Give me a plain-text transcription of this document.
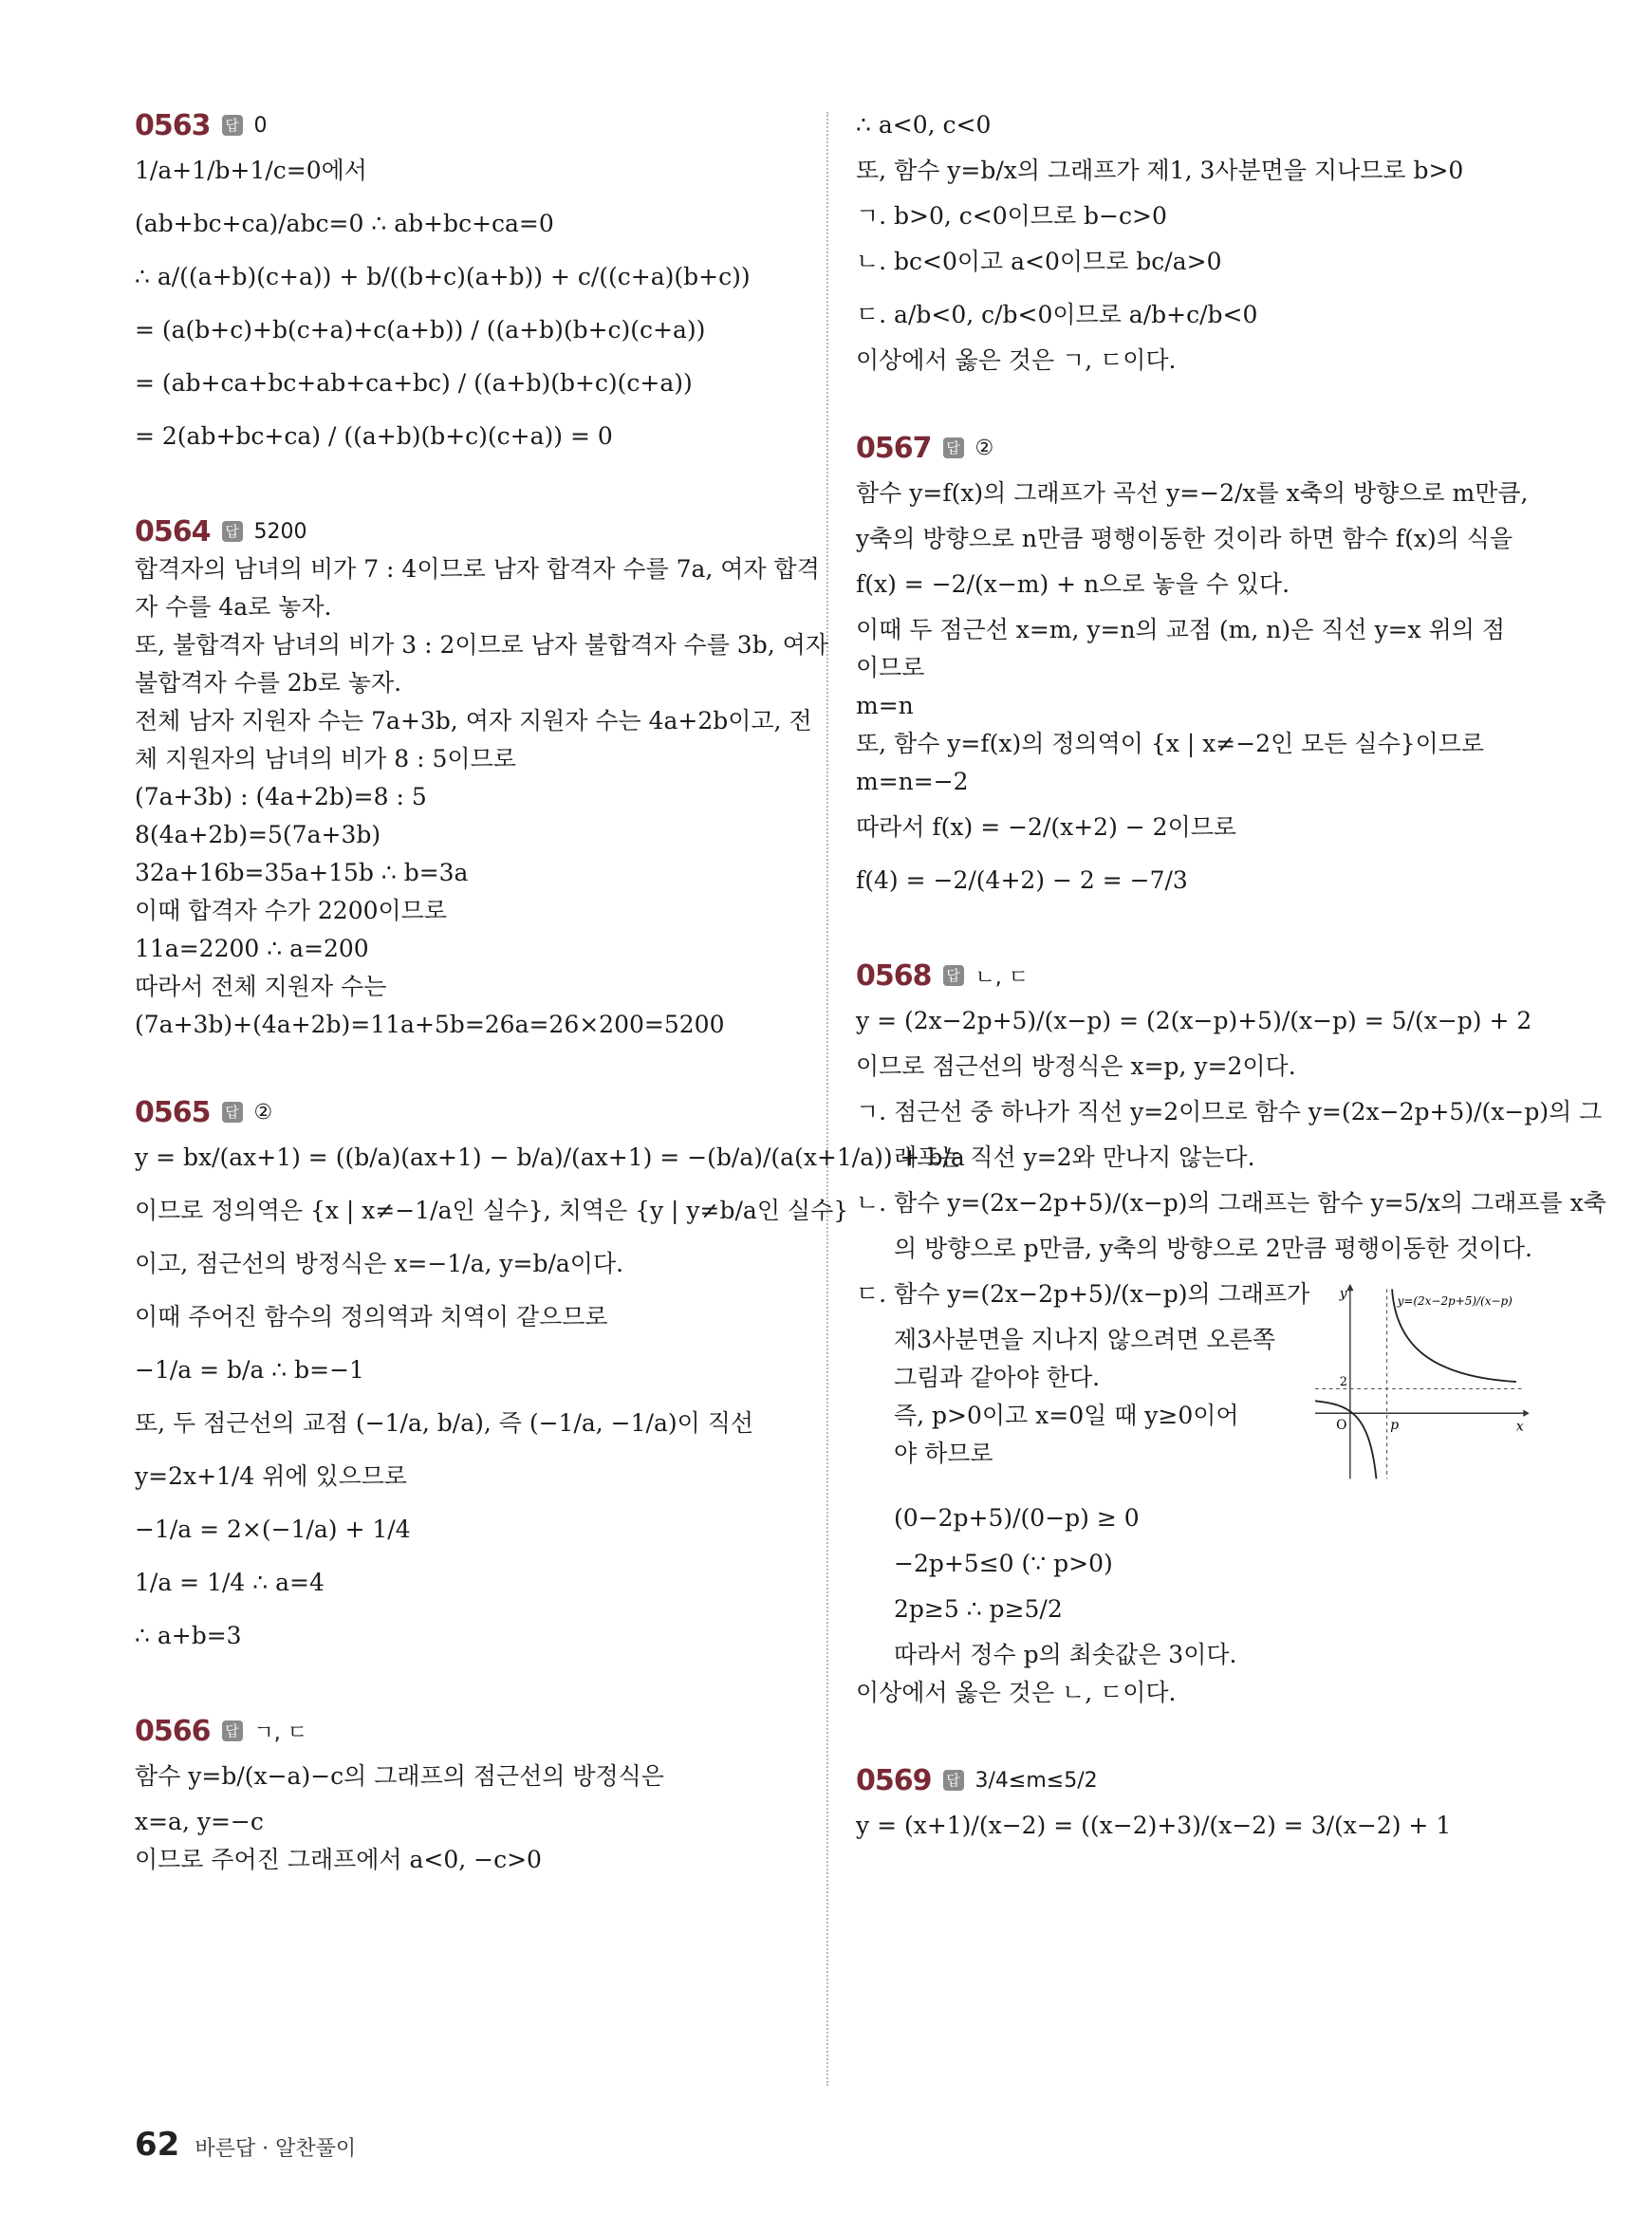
0563 답 0
1/a+1/b+1/c=0에서
(ab+bc+ca)/abc=0 ∴ ab+bc+ca=0
∴ a/((a+b)(c+a)) + b/((b+c)(a+b)) + c/((c+a)(b+c))
= (a(b+c)+b(c+a)+c(a+b)) / ((a+b)(b+c)(c+a))
= (ab+ca+bc+ab+ca+bc) / ((a+b)(b+c)(c+a))
= 2(ab+bc+ca) / ((a+b)(b+c)(c+a)) = 0
0564 답 5200
합격자의 남녀의 비가 7 : 4이므로 남자 합격자 수를 7a, 여자 합격
자 수를 4a로 놓자.
또, 불합격자 남녀의 비가 3 : 2이므로 남자 불합격자 수를 3b, 여자
불합격자 수를 2b로 놓자.
전체 남자 지원자 수는 7a+3b, 여자 지원자 수는 4a+2b이고, 전
체 지원자의 남녀의 비가 8 : 5이므로
(7a+3b) : (4a+2b)=8 : 5
8(4a+2b)=5(7a+3b)
32a+16b=35a+15b ∴ b=3a
이때 합격자 수가 2200이므로
11a=2200 ∴ a=200
따라서 전체 지원자 수는
(7a+3b)+(4a+2b)=11a+5b=26a=26×200=5200
0565 답 ②
y = bx/(ax+1) = ((b/a)(ax+1) − b/a)/(ax+1) = −(b/a)/(a(x+1/a)) + b/a
이므로 정의역은 {x | x≠−1/a인 실수}, 치역은 {y | y≠b/a인 실수}
이고, 점근선의 방정식은 x=−1/a, y=b/a이다.
이때 주어진 함수의 정의역과 치역이 같으므로
−1/a = b/a ∴ b=−1
또, 두 점근선의 교점 (−1/a, b/a), 즉 (−1/a, −1/a)이 직선
y=2x+1/4 위에 있으므로
−1/a = 2×(−1/a) + 1/4
1/a = 1/4 ∴ a=4
∴ a+b=3
0566 답 ㄱ, ㄷ
함수 y=b/(x−a)−c의 그래프의 점근선의 방정식은
x=a, y=−c
이므로 주어진 그래프에서 a<0, −c>0
∴ a<0, c<0
또, 함수 y=b/x의 그래프가 제1, 3사분면을 지나므로 b>0
ㄱ. b>0, c<0이므로 b−c>0
ㄴ. bc<0이고 a<0이므로 bc/a>0
ㄷ. a/b<0, c/b<0이므로 a/b+c/b<0
이상에서 옳은 것은 ㄱ, ㄷ이다.
0567 답 ②
함수 y=f(x)의 그래프가 곡선 y=−2/x를 x축의 방향으로 m만큼,
y축의 방향으로 n만큼 평행이동한 것이라 하면 함수 f(x)의 식을
f(x) = −2/(x−m) + n으로 놓을 수 있다.
이때 두 점근선 x=m, y=n의 교점 (m, n)은 직선 y=x 위의 점
이므로
m=n
또, 함수 y=f(x)의 정의역이 {x | x≠−2인 모든 실수}이므로
m=n=−2
따라서 f(x) = −2/(x+2) − 2이므로
f(4) = −2/(4+2) − 2 = −7/3
0568 답 ㄴ, ㄷ
y = (2x−2p+5)/(x−p) = (2(x−p)+5)/(x−p) = 5/(x−p) + 2
이므로 점근선의 방정식은 x=p, y=2이다.
ㄱ. 점근선 중 하나가 직선 y=2이므로 함수 y=(2x−2p+5)/(x−p)의 그
래프는 직선 y=2와 만나지 않는다.
ㄴ. 함수 y=(2x−2p+5)/(x−p)의 그래프는 함수 y=5/x의 그래프를 x축
의 방향으로 p만큼, y축의 방향으로 2만큼 평행이동한 것이다.
ㄷ. 함수 y=(2x−2p+5)/(x−p)의 그래프가
제3사분면을 지나지 않으려면 오른쪽
그림과 같아야 한다.
즉, p>0이고 x=0일 때 y≥0이어
야 하므로
y
x
O
2
p
y=(2x−2p+5)/(x−p)
(0−2p+5)/(0−p) ≥ 0
−2p+5≤0 (∵ p>0)
2p≥5 ∴ p≥5/2
따라서 정수 p의 최솟값은 3이다.
이상에서 옳은 것은 ㄴ, ㄷ이다.
0569 답 3/4≤m≤5/2
y = (x+1)/(x−2) = ((x−2)+3)/(x−2) = 3/(x−2) + 1
62 바른답 · 알찬풀이
